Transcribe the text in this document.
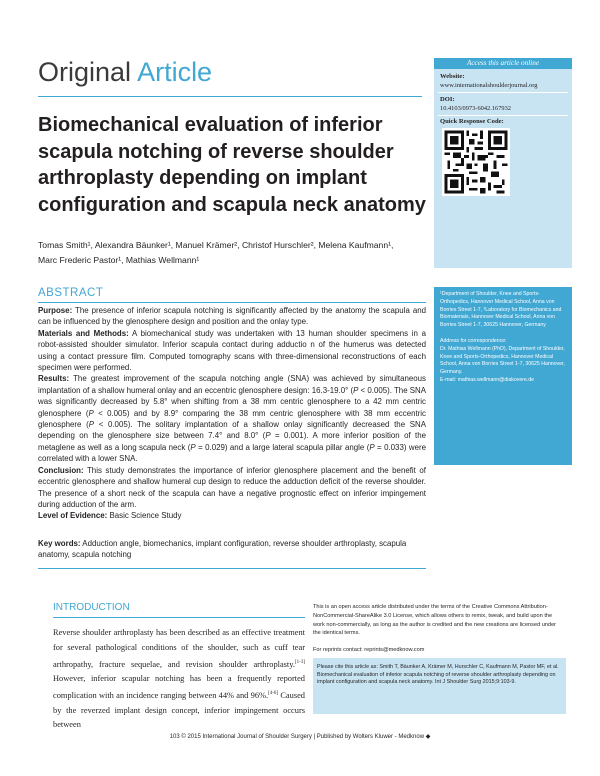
Original Article
Biomechanical evaluation of inferior scapula notching of reverse shoulder arthroplasty depending on implant configuration and scapula neck anatomy
Tomas Smith¹, Alexandra Bäunker¹, Manuel Krämer², Christof Hurschler², Melena Kaufmann¹,
Marc Frederic Pastor¹, Mathias Wellmann¹
Access this article online
Website:
www.internationalshoulderjournal.org
DOI:
10.4103/0973-6042.167932
Quick Response Code:
ABSTRACT

Purpose: The presence of inferior scapula notching is significantly affected by the anatomy the scapula and can be influenced by the glenosphere design and position and the onlay type.

Materials and Methods: A biomechanical study was undertaken with 13 human shoulder specimens in a robot-assisted shoulder simulator. Inferior scapula contact during adductio n of the humerus was detected using a contact pressure film. Computed tomography scans with three-dimensional reconstructions of each specimen were performed.

Results: The greatest improvement of the scapula notching angle (SNA) was achieved by simultaneous implantation of a shallow humeral onlay and an eccentric glenosphere design: 16.3-19.0° (P < 0.005). The SNA was significantly decreased by 5.8° when shifting from a 38 mm centric glenosphere to a 42 mm centric glenosphere (P < 0.005) and by 8.9° comparing the 38 mm centric glenosphere with 38 mm eccentric glenosphere (P < 0.005). The solitary implantation of a shallow onlay significantly decreased the SNA depending on the glenosphere size between 7.4° and 8.0° (P = 0.001). A more inferior position of the metaglene as well as a long scapula neck (P = 0.029) and a large lateral scapula pillar angle (P = 0.033) were correlated with a lower SNA.

Conclusion: This study demonstrates the importance of inferior glenosphere placement and the benefit of eccentric glenosphere and shallow humeral cup design to reduce the adduction deficit of the reverse shoulder. The presence of a short neck of the scapula can have a negative prognostic effect on inferior impingement during adduction of the arm.

Level of Evidence: Basic Science Study

Key words: Adduction angle, biomechanics, implant configuration, reverse shoulder arthroplasty, scapula anatomy, scapula notching

¹Department of Shoulder, Knee and Sports-Orthopedics, Hannover Medical School, Anna von Borries Street 1-7, ²Laboratory for Biomechanics and Biomaterials, Hannover Medical School, Anna von Borries Street 1-7, 30625 Hannover, Germany

Address for correspondence:

Dr. Mathias Wellmann (PhD), Department of Shoulder, Knee and Sports-Orthopedics, Hannover Medical School, Anna von Borries Street 1-7, 30625 Hannover, Germany.

E-mail: mathias.wellmann@diakovere.de

INTRODUCTION
Reverse shoulder arthroplasty has been described as an effective treatment for several pathological conditions of the shoulder, such as cuff tear arthropathy, fracture sequelae, and revision shoulder arthroplasty.[1-3] However, inferior scapular notching has been a frequently reported complication with an incidence ranging between 44% and 96%.[4-6] Caused by the reverzed implant design concept, inferior impingement occurs between
This is an open access article distributed under the terms of the Creative Commons Attribution-NonCommercial-ShareAlike 3.0 License, which allows others to remix, tweak, and build upon the work non-commercially, as long as the author is credited and the new creations are licensed under the identical terms.
For reprints contact: reprints@medknow.com
Please cite this article as: Smith T, Bäunker A, Krämer M, Hurschler C, Kaufmann M, Pastor MF, et al. Biomechanical evaluation of inferior scapula notching of reverse shoulder arthroplasty depending on implant configuration and scapula neck anatomy. Int J Shoulder Surg 2015;9:103-9.
103 © 2015 International Journal of Shoulder Surgery | Published by Wolters Kluwer - Medknow ◆
